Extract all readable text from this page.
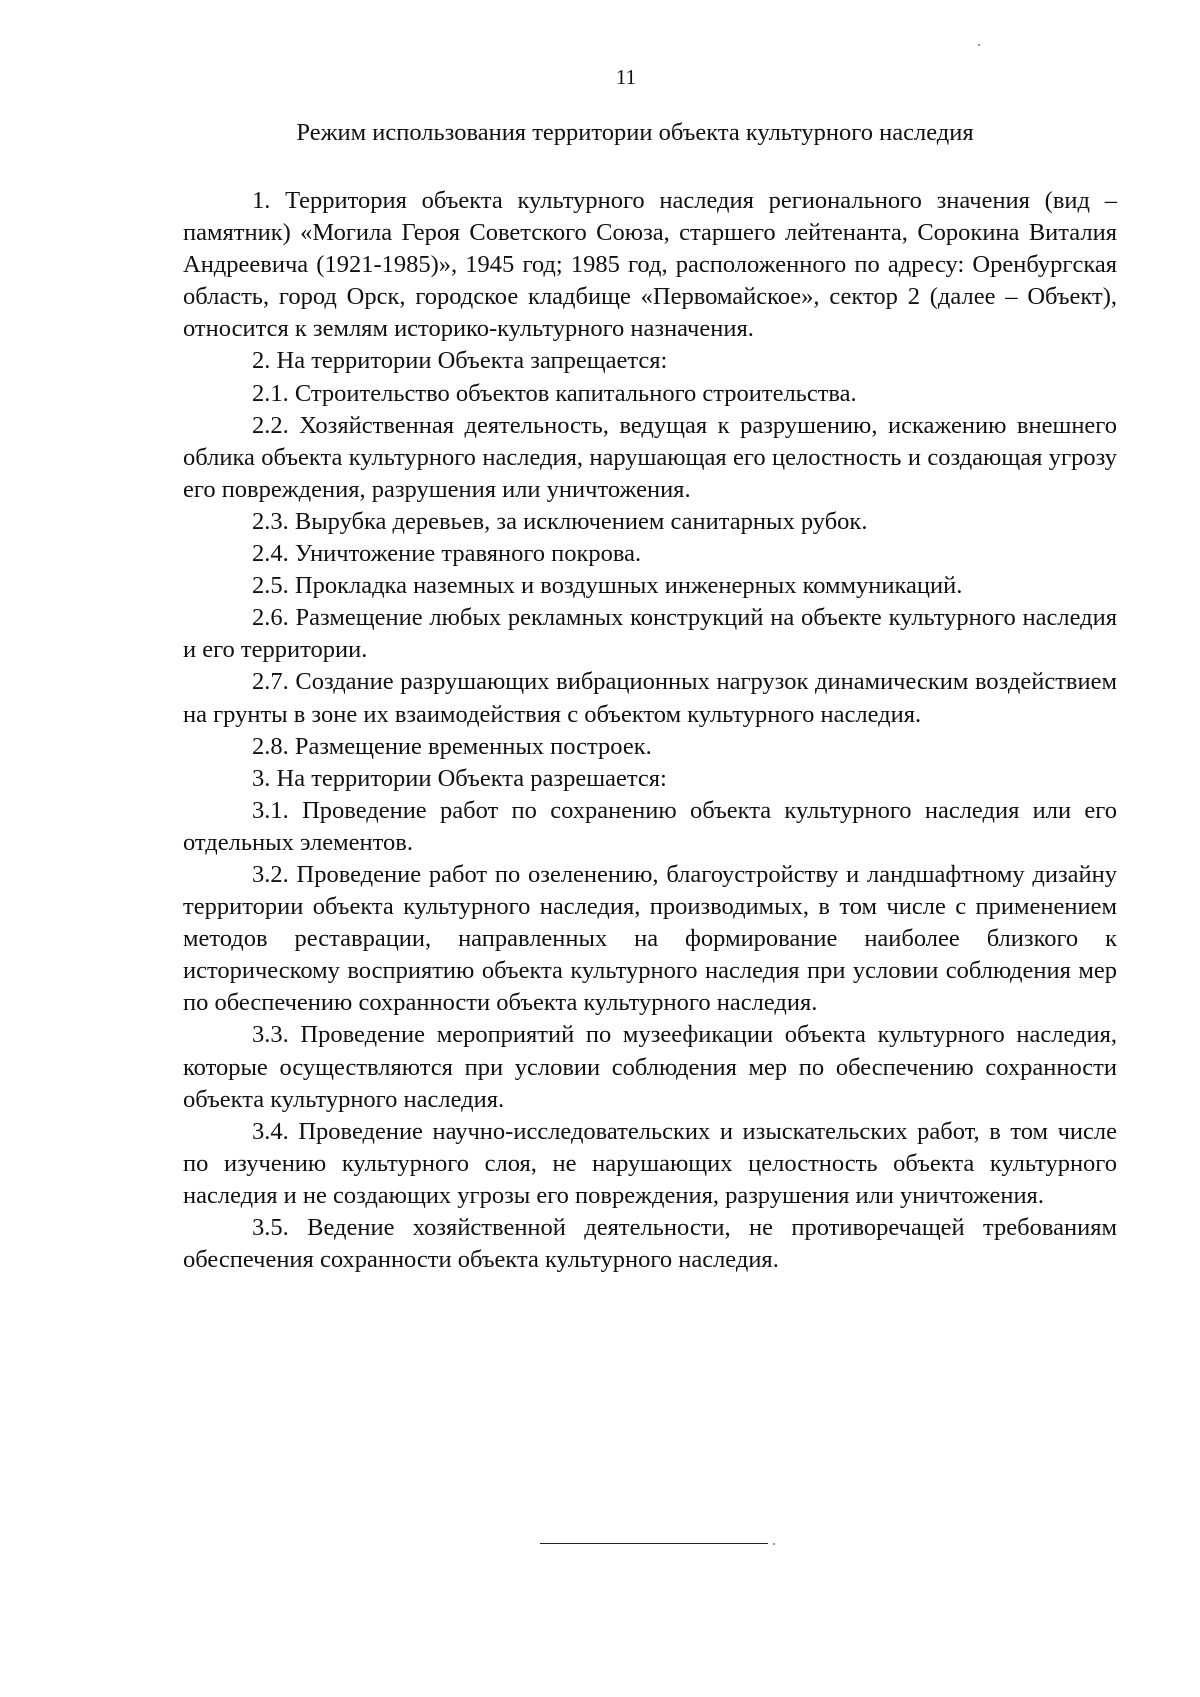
11
Режим использования территории объекта культурного наследия

1. Территория объекта культурного наследия регионального значения (вид – памятник) «Могила Героя Советского Союза, старшего лейтенанта, Сорокина Виталия Андреевича (1921-1985)», 1945 год; 1985 год, расположенного по адресу: Оренбургская область, город Орск, городское кладбище «Первомайское», сектор 2 (далее – Объект), относится к землям историко-культурного назначения.

2. На территории Объекта запрещается:

2.1. Строительство объектов капитального строительства.

2.2. Хозяйственная деятельность, ведущая к разрушению, искажению внешнего облика объекта культурного наследия, нарушающая его целостность и создающая угрозу его повреждения, разрушения или уничтожения.

2.3. Вырубка деревьев, за исключением санитарных рубок.

2.4. Уничтожение травяного покрова.

2.5. Прокладка наземных и воздушных инженерных коммуникаций.

2.6. Размещение любых рекламных конструкций на объекте культурного наследия и его территории.

2.7. Создание разрушающих вибрационных нагрузок динамическим воздействием на грунты в зоне их взаимодействия с объектом культурного наследия.

2.8. Размещение временных построек.

3. На территории Объекта разрешается:

3.1. Проведение работ по сохранению объекта культурного наследия или его отдельных элементов.

3.2. Проведение работ по озеленению, благоустройству и ландшафтному дизайну территории объекта культурного наследия, производимых, в том числе с применением методов реставрации, направленных на формирование наиболее близкого к историческому восприятию объекта культурного наследия при условии соблюдения мер по обеспечению сохранности объекта культурного наследия.

3.3. Проведение мероприятий по музеефикации объекта культурного наследия, которые осуществляются при условии соблюдения мер по обеспечению сохранности объекта культурного наследия.

3.4. Проведение научно-исследовательских и изыскательских работ, в том числе по изучению культурного слоя, не нарушающих целостность объекта культурного наследия и не создающих угрозы его повреждения, разрушения или уничтожения.

3.5. Ведение хозяйственной деятельности, не противоречащей требованиям обеспечения сохранности объекта культурного наследия.
